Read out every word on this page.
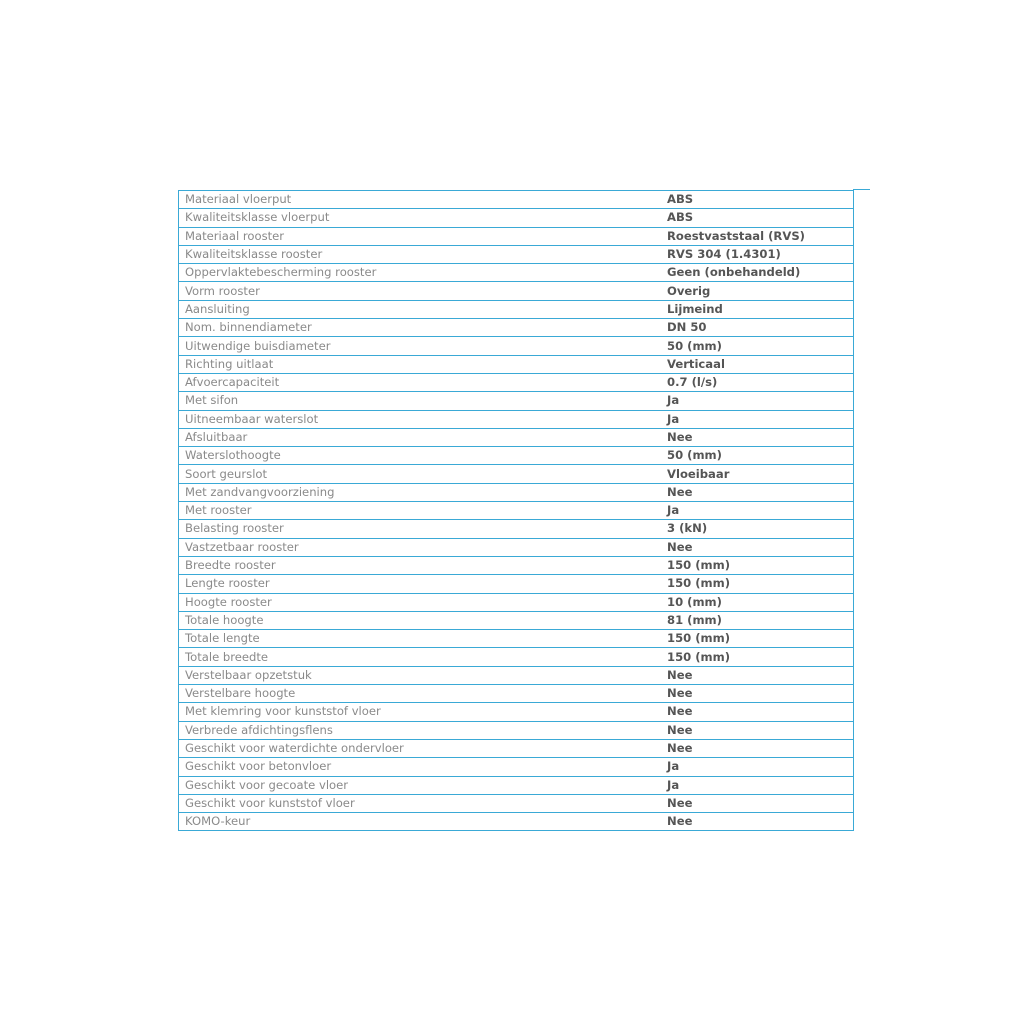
Materiaal vloerput	ABS
Kwaliteitsklasse vloerput	ABS
Materiaal rooster	Roestvaststaal (RVS)
Kwaliteitsklasse rooster	RVS 304 (1.4301)
Oppervlaktebescherming rooster	Geen (onbehandeld)
Vorm rooster	Overig
Aansluiting	Lijmeind
Nom. binnendiameter	DN 50
Uitwendige buisdiameter	50 (mm)
Richting uitlaat	Verticaal
Afvoercapaciteit	0.7 (l/s)
Met sifon	Ja
Uitneembaar waterslot	Ja
Afsluitbaar	Nee
Waterslothoogte	50 (mm)
Soort geurslot	Vloeibaar
Met zandvangvoorziening	Nee
Met rooster	Ja
Belasting rooster	3 (kN)
Vastzetbaar rooster	Nee
Breedte rooster	150 (mm)
Lengte rooster	150 (mm)
Hoogte rooster	10 (mm)
Totale hoogte	81 (mm)
Totale lengte	150 (mm)
Totale breedte	150 (mm)
Verstelbaar opzetstuk	Nee
Verstelbare hoogte	Nee
Met klemring voor kunststof vloer	Nee
Verbrede afdichtingsflens	Nee
Geschikt voor waterdichte ondervloer	Nee
Geschikt voor betonvloer	Ja
Geschikt voor gecoate vloer	Ja
Geschikt voor kunststof vloer	Nee
KOMO-keur	Nee
